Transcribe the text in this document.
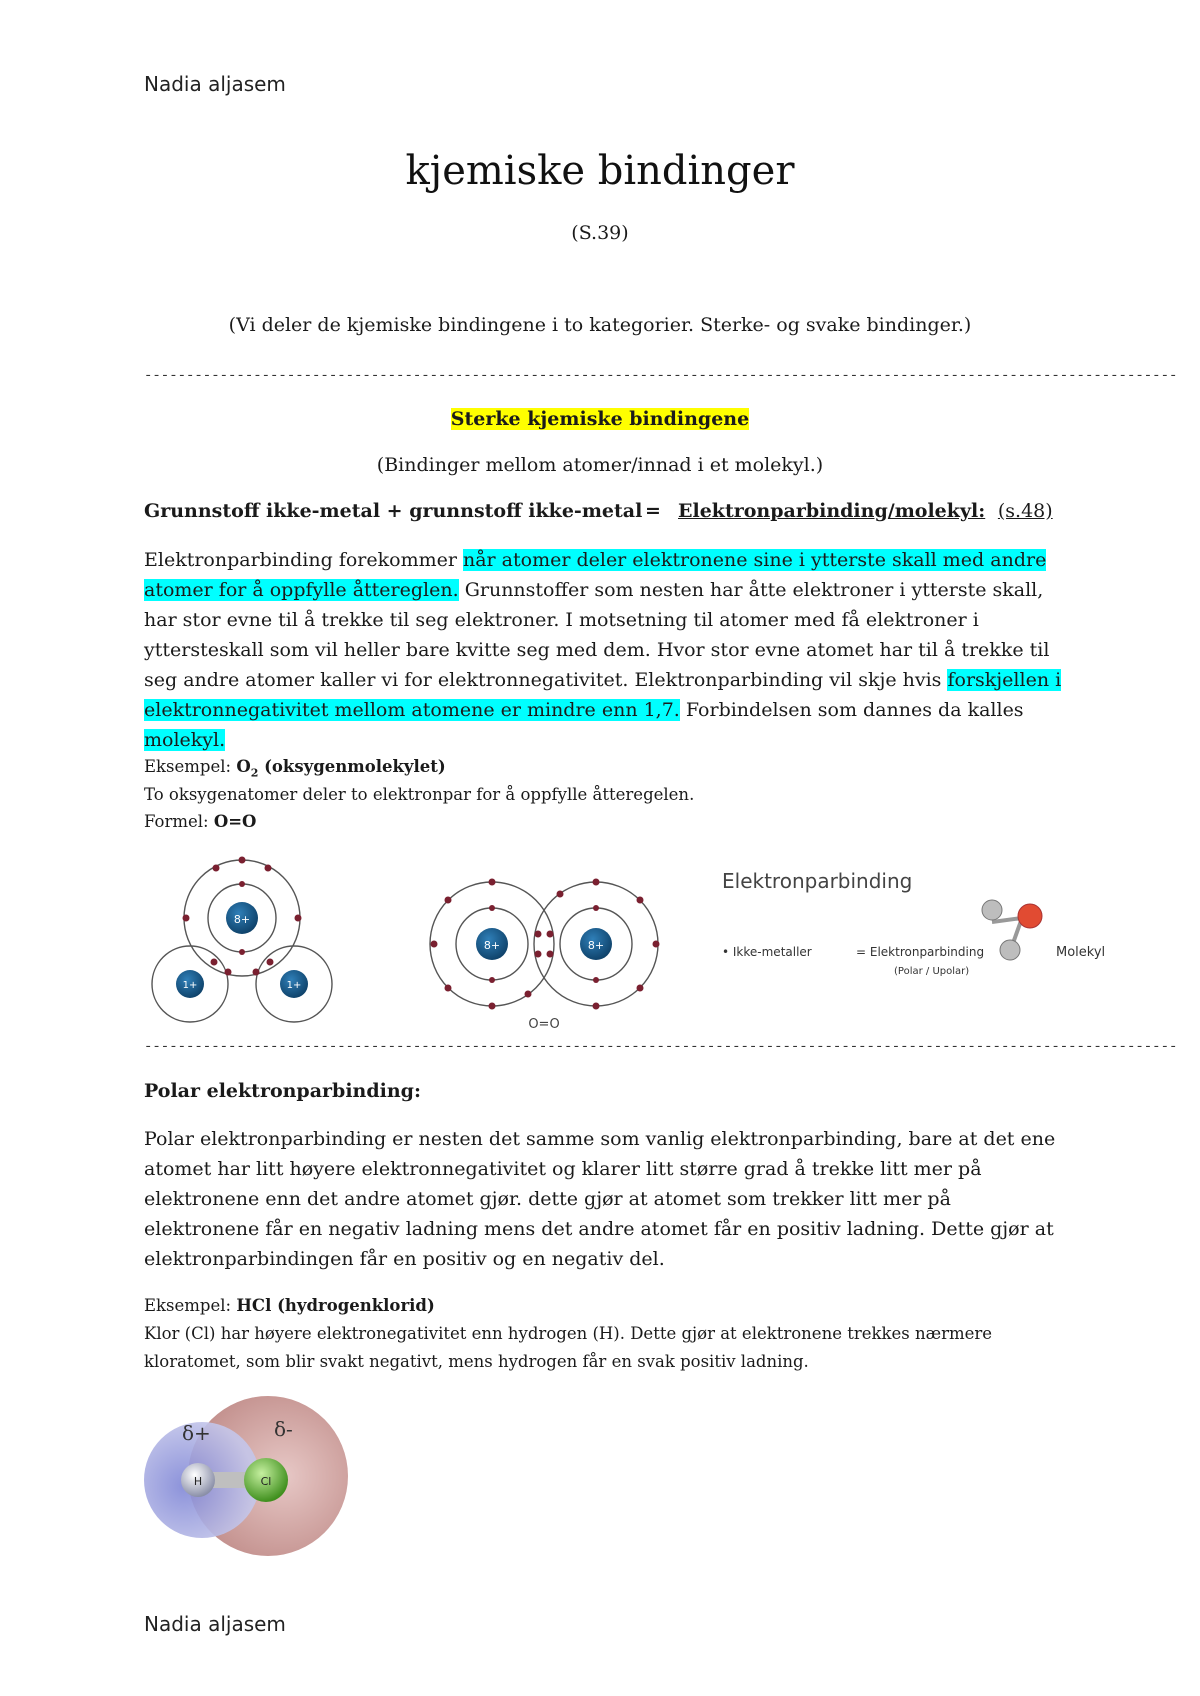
Nadia aljasem
kjemiske bindinger
(S.39)
(Vi deler de kjemiske bindingene i to kategorier. Sterke- og svake bindinger.)
---------------------------------------------------------------------------------------------------------------------------
Sterke kjemiske bindingene
(Bindinger mellom atomer/innad i et molekyl.)
Grunnstoff ikke-metal + grunnstoff ikke-metal = Elektronparbinding/molekyl: (s.48)
Elektronparbinding forekommer når atomer deler elektronene sine i ytterste skall med andre atomer for å oppfylle åttereglen. Grunnstoffer som nesten har åtte elektroner i ytterste skall, har stor evne til å trekke til seg elektroner. I motsetning til atomer med få elektroner i yttersteskall som vil heller bare kvitte seg med dem. Hvor stor evne atomet har til å trekke til seg andre atomer kaller vi for elektronnegativitet. Elektronparbinding vil skje hvis forskjellen i elektronnegativitet mellom atomene er mindre enn 1,7. Forbindelsen som dannes da kalles molekyl.
Eksempel: $O_2$ (oksygenmolekylet)
To oksygenatomer deler to elektronpar for å oppfylle åtteregelen.
Formel: O=O
8+
1+	1+
8+	8+
O=O
Elektronparbinding
• Ikke-metaller	= Elektronparbinding
(Polar / Upolar)
Molekyl
---------------------------------------------------------------------------------------------------------------------------
Polar elektronparbinding:
Polar elektronparbinding er nesten det samme som vanlig elektronparbinding, bare at det ene atomet har litt høyere elektronnegativitet og klarer litt større grad å trekke litt mer på elektronene enn det andre atomet gjør. dette gjør at atomet som trekker litt mer på elektronene får en negativ ladning mens det andre atomet får en positiv ladning. Dette gjør at elektronparbindingen får en positiv og en negativ del.
Eksempel: HCl (hydrogenklorid)
Klor (Cl) har høyere elektronegativitet enn hydrogen (H). Dette gjør at elektronene trekkes nærmere kloratomet, som blir svakt negativt, mens hydrogen får en svak positiv ladning.
H	Cl
δ+	δ-
Nadia aljasem
